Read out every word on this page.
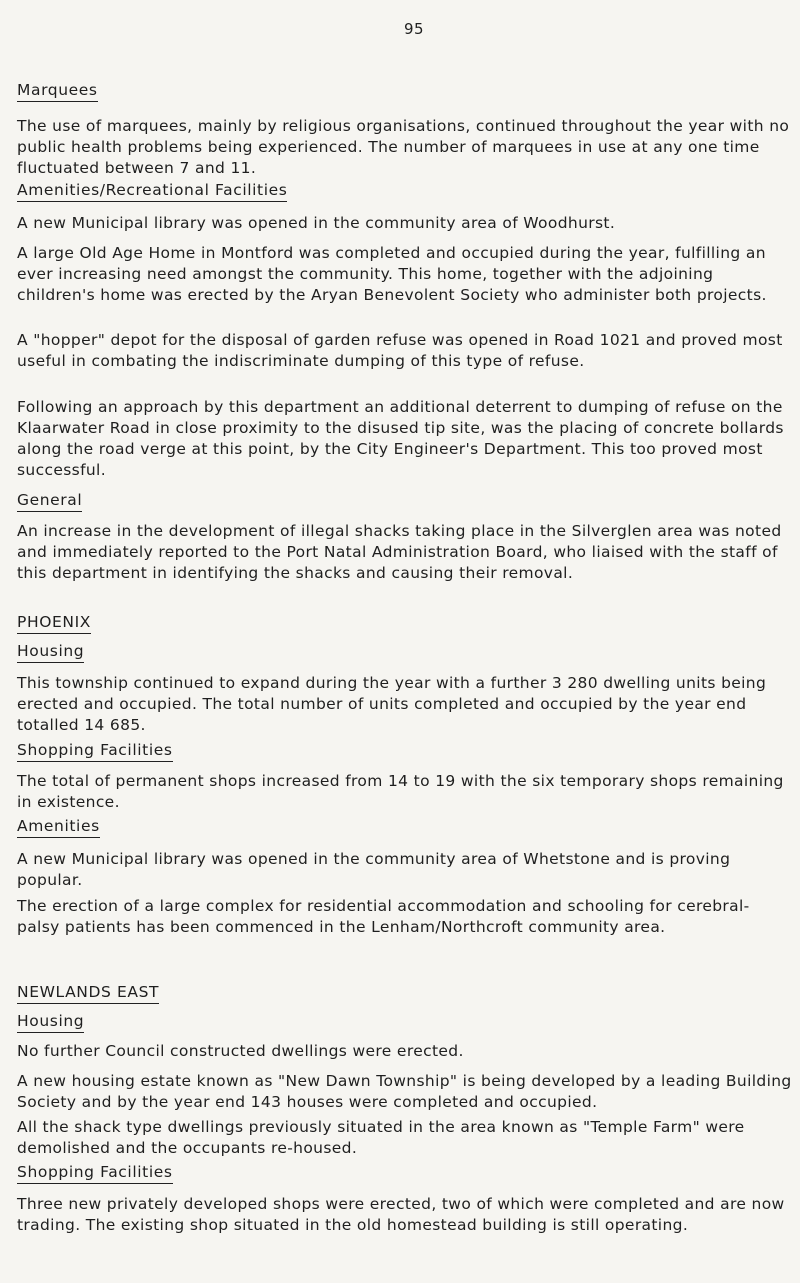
95
Marquees

The use of marquees, mainly by religious organisations, continued throughout the year with no public health problems being experienced. The number of marquees in use at any one time fluctuated between 7 and 11.

Amenities/Recreational Facilities

A new Municipal library was opened in the community area of Woodhurst.

A large Old Age Home in Montford was completed and occupied during the year, fulfilling an ever increasing need amongst the community. This home, together with the adjoining children's home was erected by the Aryan Benevolent Society who administer both projects.

A "hopper" depot for the disposal of garden refuse was opened in Road 1021 and proved most useful in combating the indiscriminate dumping of this type of refuse.

Following an approach by this department an additional deterrent to dumping of refuse on the Klaarwater Road in close proximity to the disused tip site, was the placing of concrete bollards along the road verge at this point, by the City Engineer's Department. This too proved most successful.

General

An increase in the development of illegal shacks taking place in the Silverglen area was noted and immediately reported to the Port Natal Administration Board, who liaised with the staff of this department in identifying the shacks and causing their removal.

PHOENIX
Housing

This township continued to expand during the year with a further 3 280 dwelling units being erected and occupied. The total number of units completed and occupied by the year end totalled 14 685.

Shopping Facilities

The total of permanent shops increased from 14 to 19 with the six temporary shops remaining in existence.

Amenities

A new Municipal library was opened in the community area of Whetstone and is proving popular.

The erection of a large complex for residential accommodation and schooling for cerebral-palsy patients has been commenced in the Lenham/Northcroft community area.

NEWLANDS EAST
Housing

No further Council constructed dwellings were erected.

A new housing estate known as "New Dawn Township" is being developed by a leading Building Society and by the year end 143 houses were completed and occupied.

All the shack type dwellings previously situated in the area known as "Temple Farm" were demolished and the occupants re-housed.

Shopping Facilities

Three new privately developed shops were erected, two of which were completed and are now trading. The existing shop situated in the old homestead building is still operating.
